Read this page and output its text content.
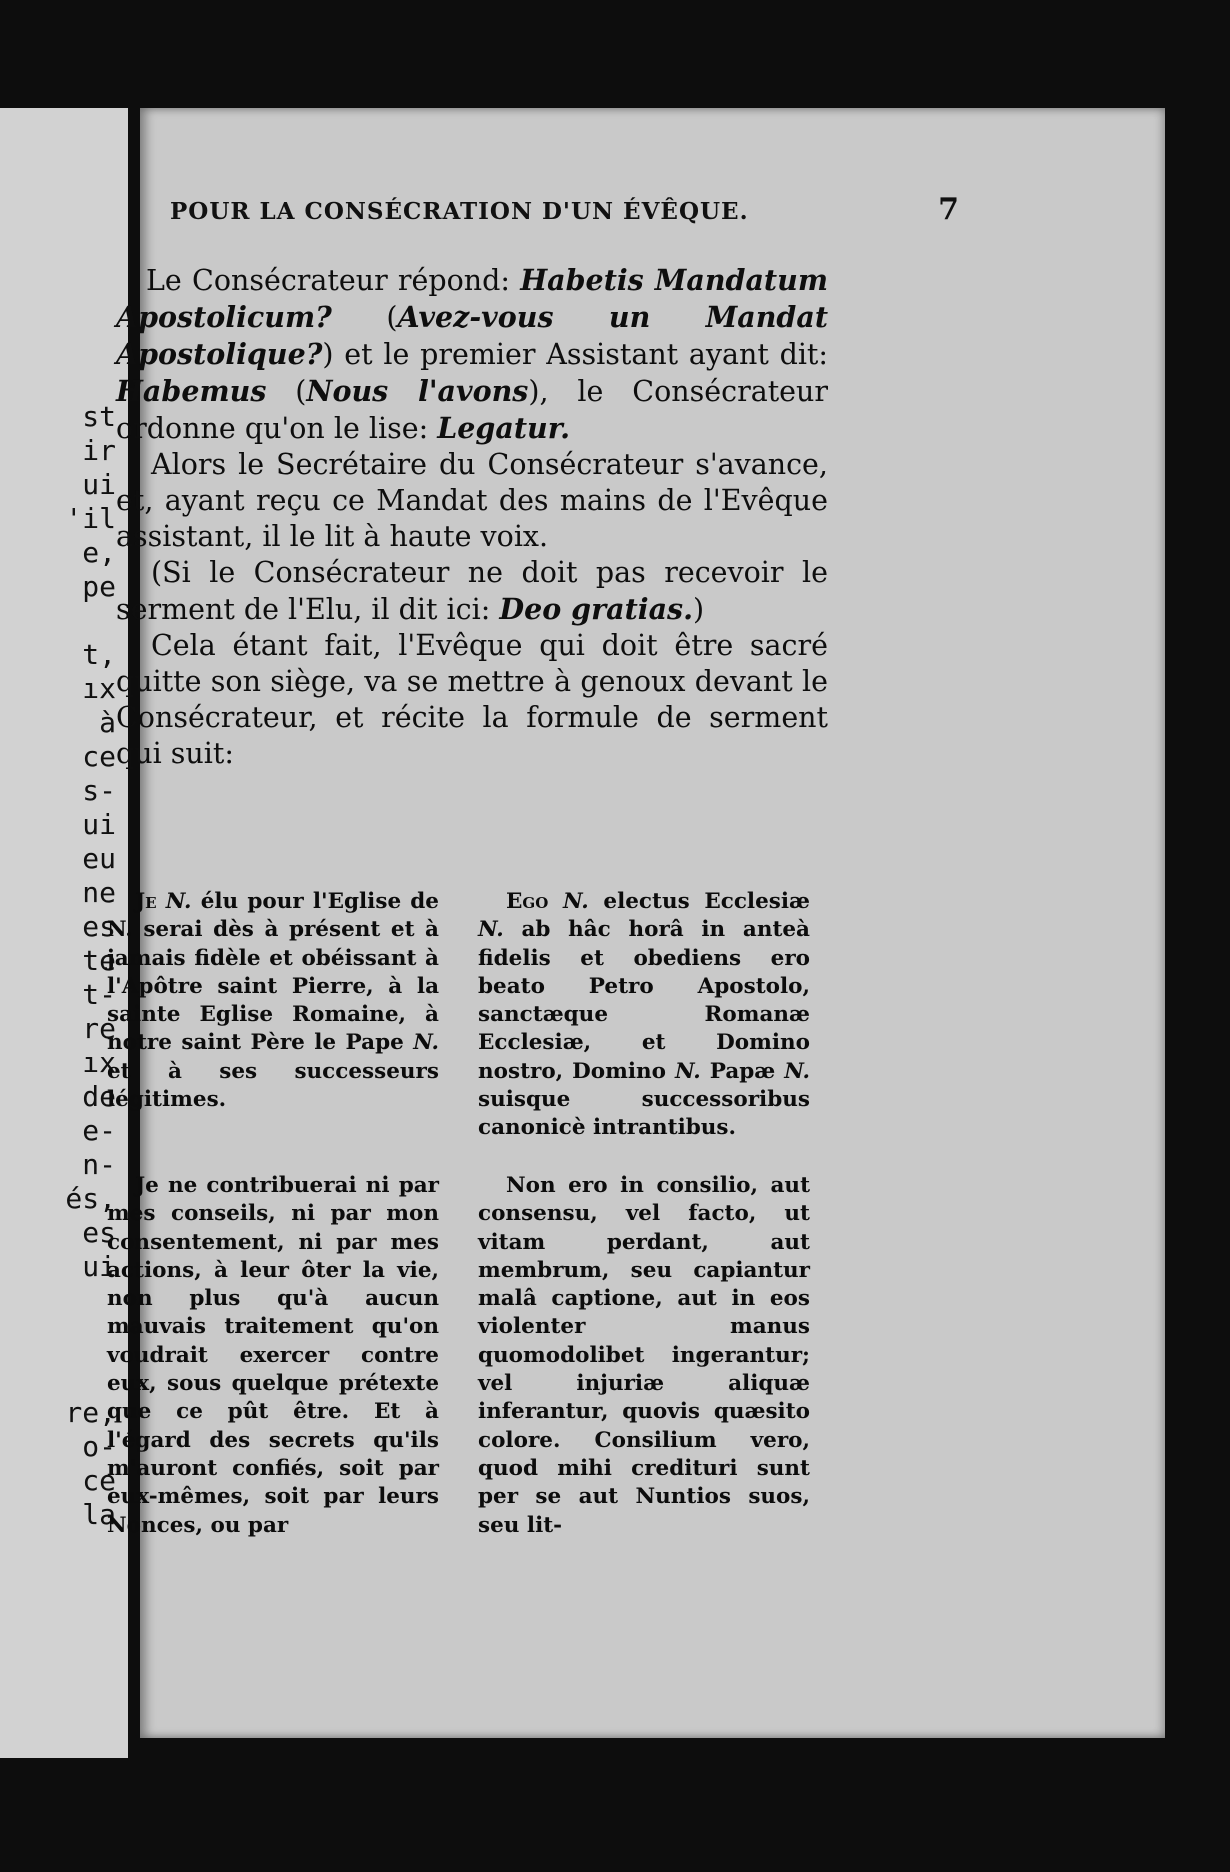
st
ir
ui
'il
e,
pe

t,
ıx
à
ce
s-
ui
eu
ne
es
te
t-
re
ıx
de
e-
n-
és,
es
ui
re,
o-
ce
la
POUR LA CONSÉCRATION D'UN ÉVÊQUE.	7

Le Consécrateur répond: Habetis Mandatum Apostolicum? (Avez-vous un Mandat Apostolique?) et le premier Assistant ayant dit: Habemus (Nous l'avons), le Consécrateur ordonne qu'on le lise: Legatur.

Alors le Secrétaire du Consécrateur s'avance, et, ayant reçu ce Mandat des mains de l'Evêque assistant, il le lit à haute voix.

(Si le Consécrateur ne doit pas recevoir le serment de l'Elu, il dit ici: Deo gratias.)

Cela étant fait, l'Evêque qui doit être sacré quitte son siège, va se mettre à genoux devant le Consécrateur, et récite la formule de serment qui suit:

Je N. élu pour l'Eglise de N. serai dès à présent et à jamais fidèle et obéissant à l'Apôtre saint Pierre, à la sainte Eglise Romaine, à notre saint Père le Pape N. et à ses successeurs légitimes.

Je ne contribuerai ni par mes conseils, ni par mon consentement, ni par mes actions, à leur ôter la vie, non plus qu'à aucun mauvais traitement qu'on voudrait exercer contre eux, sous quelque prétexte que ce pût être. Et à l'égard des secrets qu'ils m'auront confiés, soit par eux-mêmes, soit par leurs Nonces, ou par

Ego N. electus Ecclesiæ N. ab hâc horâ in anteà fidelis et obediens ero beato Petro Apostolo, sanctæque Romanæ Ecclesiæ, et Domino nostro, Domino N. Papæ N. suisque successoribus canonicè intrantibus.

Non ero in consilio, aut consensu, vel facto, ut vitam perdant, aut membrum, seu capiantur malâ captione, aut in eos violenter manus quomodolibet ingerantur; vel injuriæ aliquæ inferantur, quovis quæsito colore. Consilium vero, quod mihi credituri sunt per se aut Nuntios suos, seu lit-
